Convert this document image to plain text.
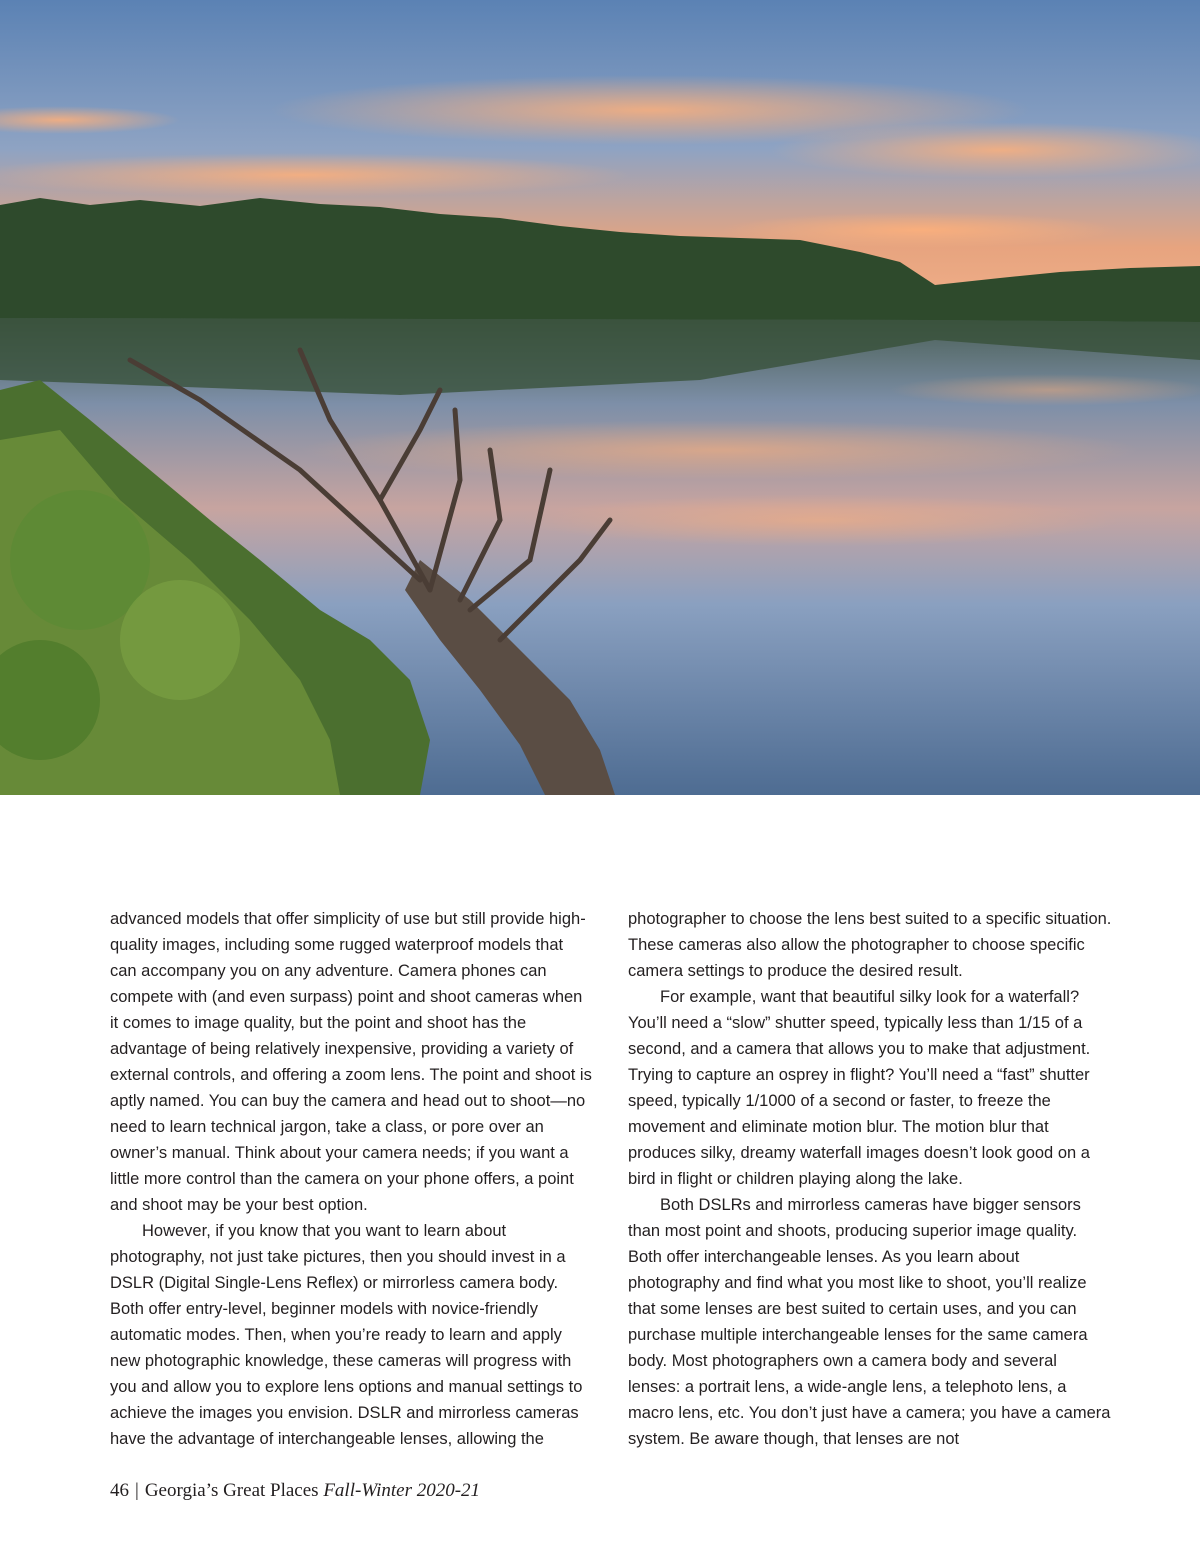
advanced models that offer simplicity of use but still provide high-quality images, including some rugged waterproof models that can accompany you on any adventure. Camera phones can compete with (and even surpass) point and shoot cameras when it comes to image quality, but the point and shoot has the advantage of being relatively inexpensive, providing a variety of external controls, and offering a zoom lens. The point and shoot is aptly named. You can buy the camera and head out to shoot—no need to learn technical jargon, take a class, or pore over an owner’s manual. Think about your camera needs; if you want a little more control than the camera on your phone offers, a point and shoot may be your best option.

However, if you know that you want to learn about photography, not just take pictures, then you should invest in a DSLR (Digital Single-Lens Reflex) or mirrorless camera body. Both offer entry-level, beginner models with novice-friendly automatic modes. Then, when you’re ready to learn and apply new photographic knowledge, these cameras will progress with you and allow you to explore lens options and manual settings to achieve the images you envision. DSLR and mirrorless cameras have the advantage of interchangeable lenses, allowing the

photographer to choose the lens best suited to a specific situation. These cameras also allow the photographer to choose specific camera settings to produce the desired result.

For example, want that beautiful silky look for a waterfall? You’ll need a “slow” shutter speed, typically less than 1/15 of a second, and a camera that allows you to make that adjustment. Trying to capture an osprey in flight? You’ll need a “fast” shutter speed, typically 1/1000 of a second or faster, to freeze the movement and eliminate motion blur. The motion blur that produces silky, dreamy waterfall images doesn’t look good on a bird in flight or children playing along the lake.

Both DSLRs and mirrorless cameras have bigger sensors than most point and shoots, producing superior image quality. Both offer interchangeable lenses. As you learn about photography and find what you most like to shoot, you’ll realize that some lenses are best suited to certain uses, and you can purchase multiple interchangeable lenses for the same camera body. Most photographers own a camera body and several lenses: a portrait lens, a wide-angle lens, a telephoto lens, a macro lens, etc. You don’t just have a camera; you have a camera system. Be aware though, that lenses are not

46 | Georgia’s Great Places Fall-Winter 2020-21
